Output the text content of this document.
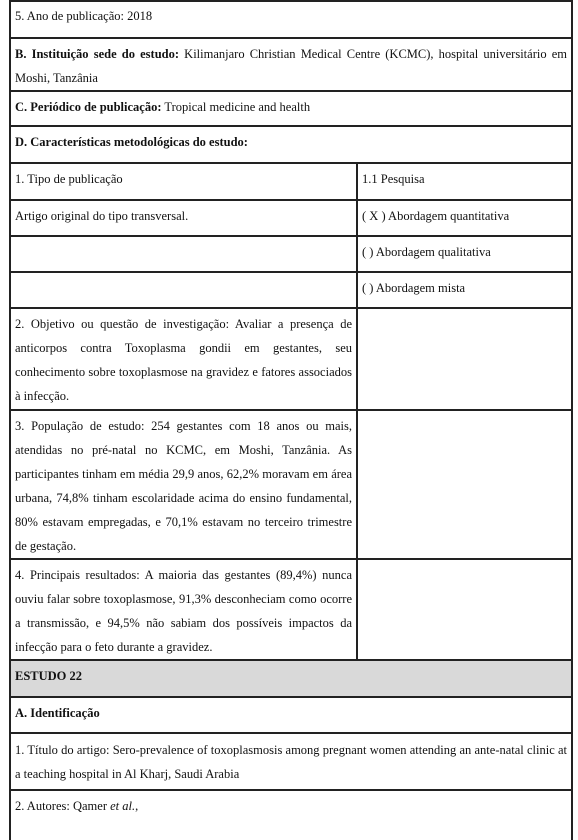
5. Ano de publicação: 2018	
B. Instituição sede do estudo: Kilimanjaro Christian Medical Centre (KCMC), hospital universitário em Moshi, Tanzânia	
C. Periódico de publicação: Tropical medicine and health	
D. Características metodológicas do estudo:	
1. Tipo de publicação	1.1 Pesquisa
Artigo original do tipo transversal.	( X ) Abordagem quantitativa
	( ) Abordagem qualitativa
	( ) Abordagem mista
2. Objetivo ou questão de investigação: Avaliar a presença de anticorpos contra Toxoplasma gondii em gestantes, seu conhecimento sobre toxoplasmose na gravidez e fatores associados à infecção.	
3. População de estudo: 254 gestantes com 18 anos ou mais, atendidas no pré-natal no KCMC, em Moshi, Tanzânia. As participantes tinham em média 29,9 anos, 62,2% moravam em área urbana, 74,8% tinham escolaridade acima do ensino fundamental, 80% estavam empregadas, e 70,1% estavam no terceiro trimestre de gestação.	
4. Principais resultados: A maioria das gestantes (89,4%) nunca ouviu falar sobre toxoplasmose, 91,3% desconheciam como ocorre a transmissão, e 94,5% não sabiam dos possíveis impactos da infecção para o feto durante a gravidez.	
ESTUDO 22	
A. Identificação	
1. Título do artigo: Sero-prevalence of toxoplasmosis among pregnant women attending an ante-natal clinic at a teaching hospital in Al Kharj, Saudi Arabia	
2. Autores: Qamer et al.,	
